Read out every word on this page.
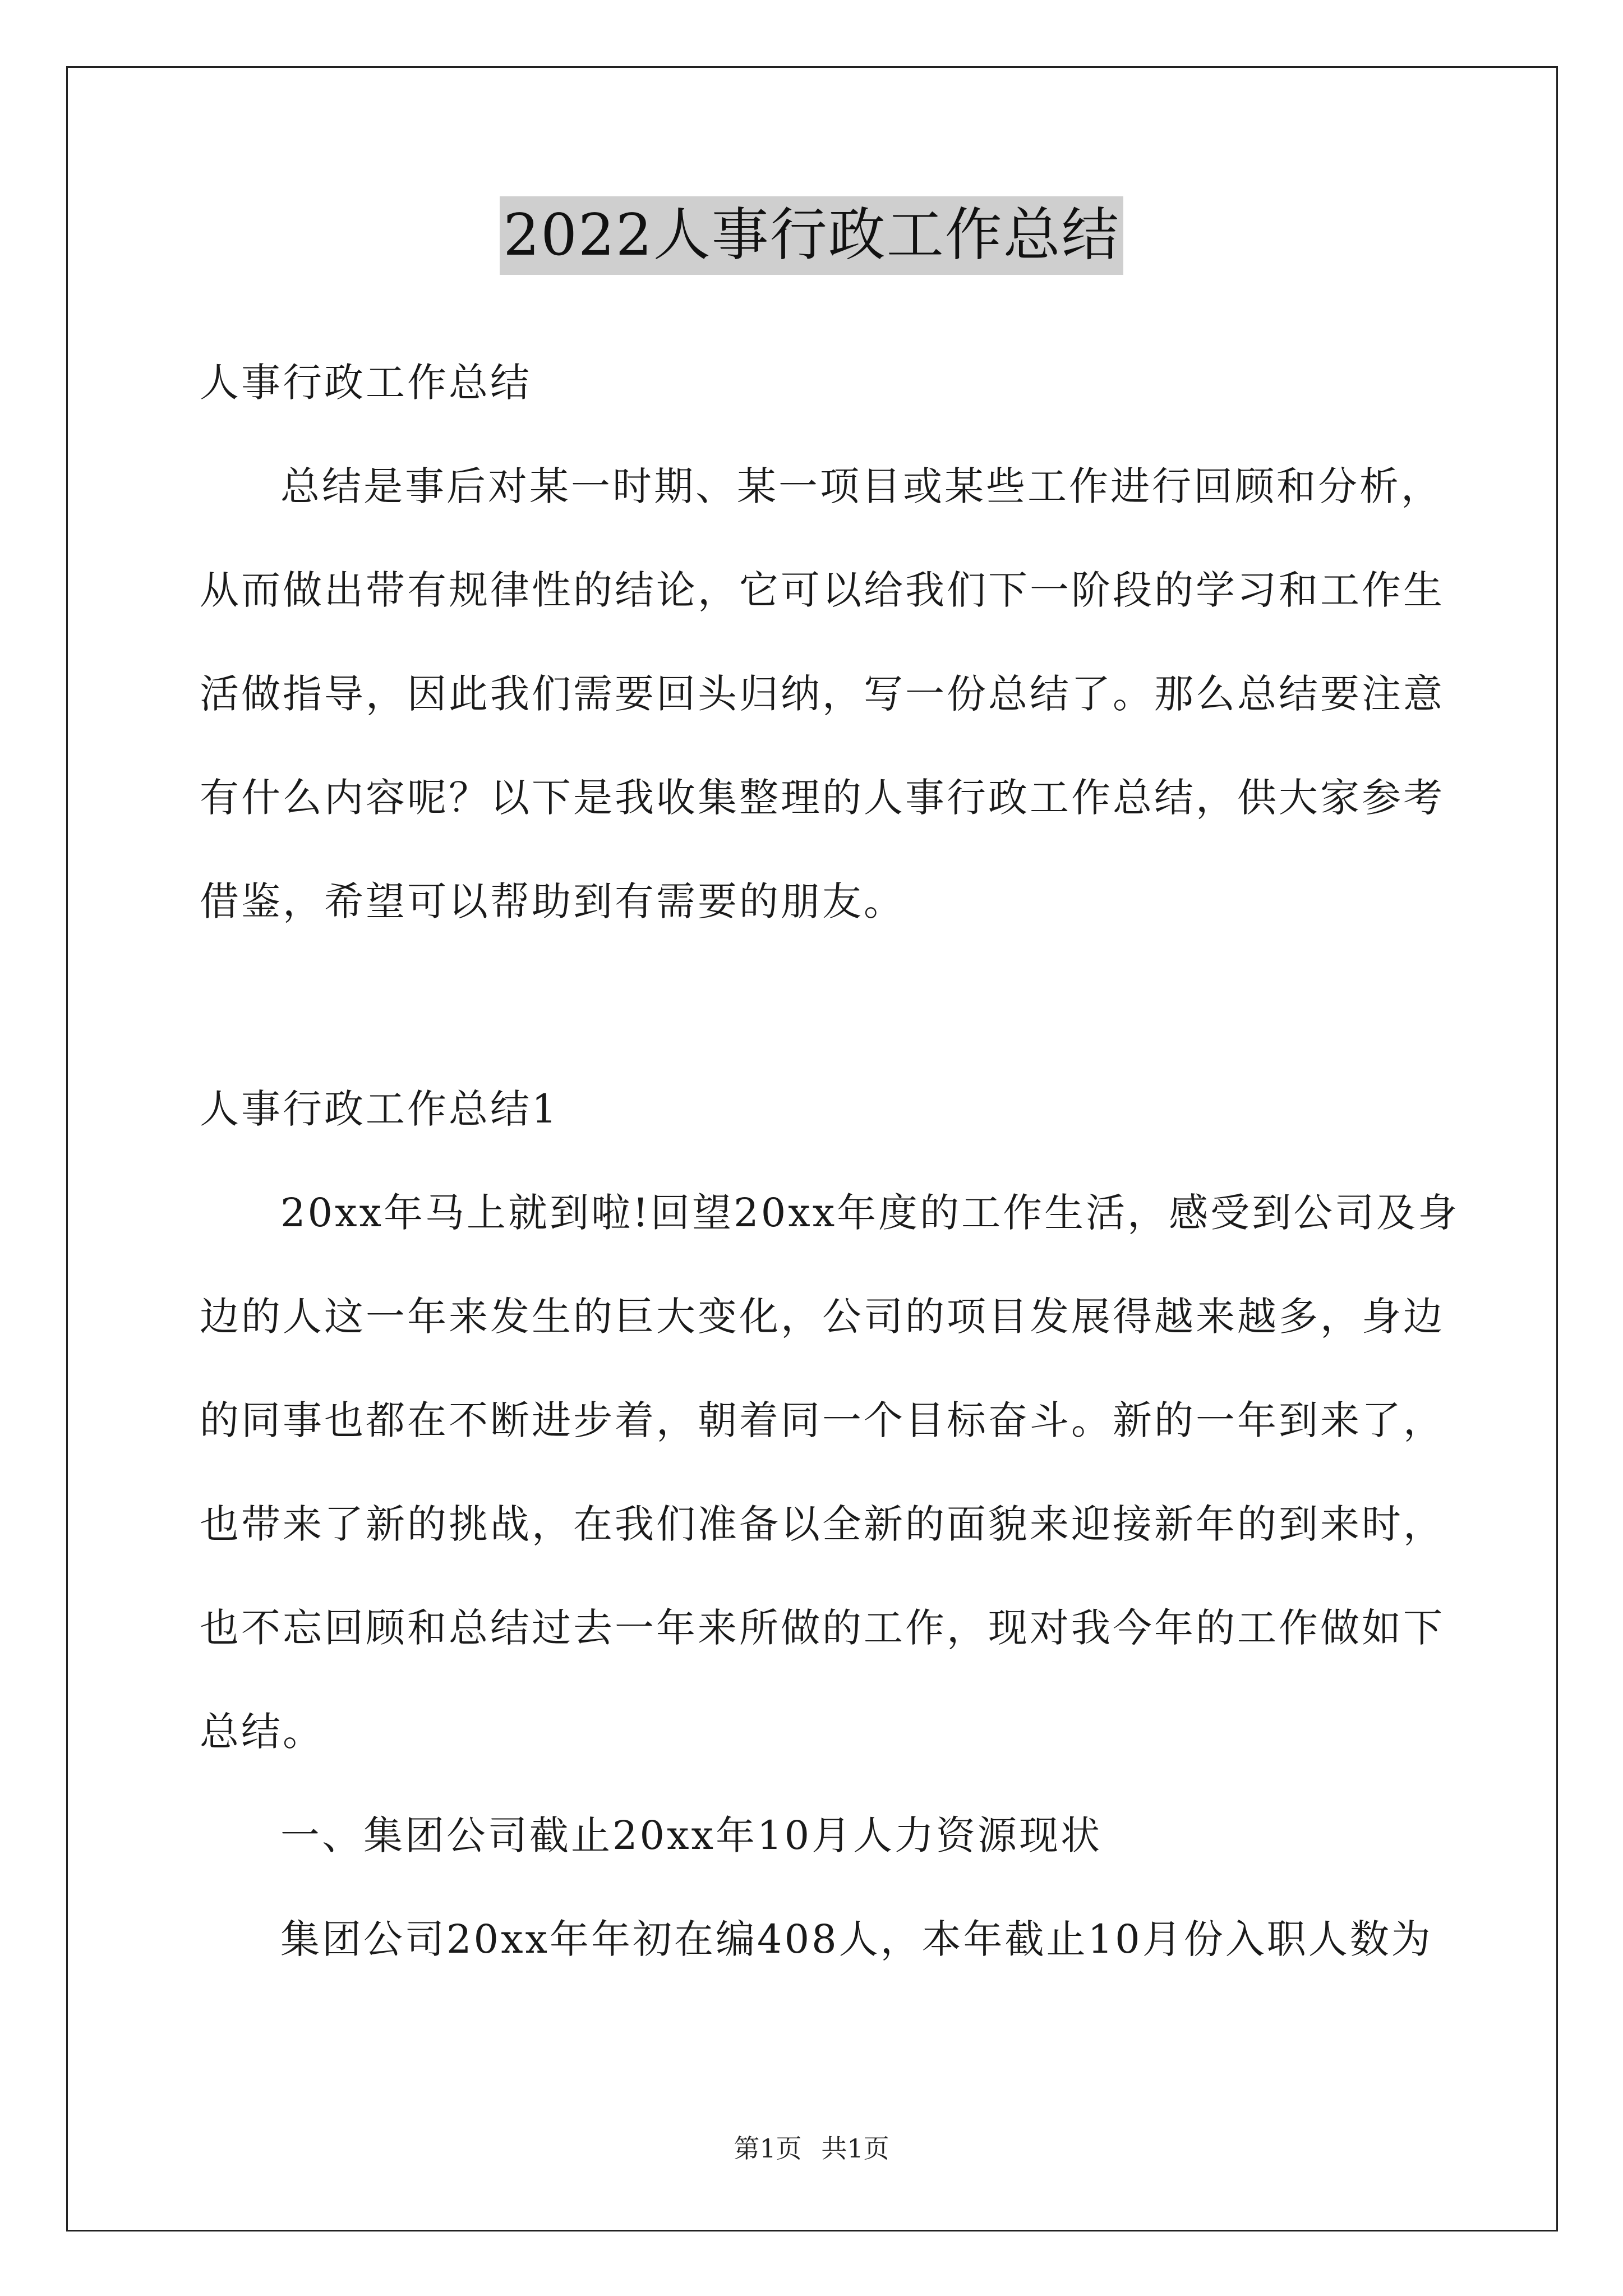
2022人事行政工作总结
人事行政工作总结
总结是事后对某一时期、某一项目或某些工作进行回顾和分析，
从而做出带有规律性的结论，它可以给我们下一阶段的学习和工作生
活做指导，因此我们需要回头归纳，写一份总结了。那么总结要注意
有什么内容呢？以下是我收集整理的人事行政工作总结，供大家参考
借鉴，希望可以帮助到有需要的朋友。
人事行政工作总结1
20xx年马上就到啦!回望20xx年度的工作生活，感受到公司及身
边的人这一年来发生的巨大变化，公司的项目发展得越来越多，身边
的同事也都在不断进步着，朝着同一个目标奋斗。新的一年到来了，
也带来了新的挑战，在我们准备以全新的面貌来迎接新年的到来时，
也不忘回顾和总结过去一年来所做的工作，现对我今年的工作做如下
总结。
一、集团公司截止20xx年10月人力资源现状
集团公司20xx年年初在编408人，本年截止10月份入职人数为
第1页 共1页
